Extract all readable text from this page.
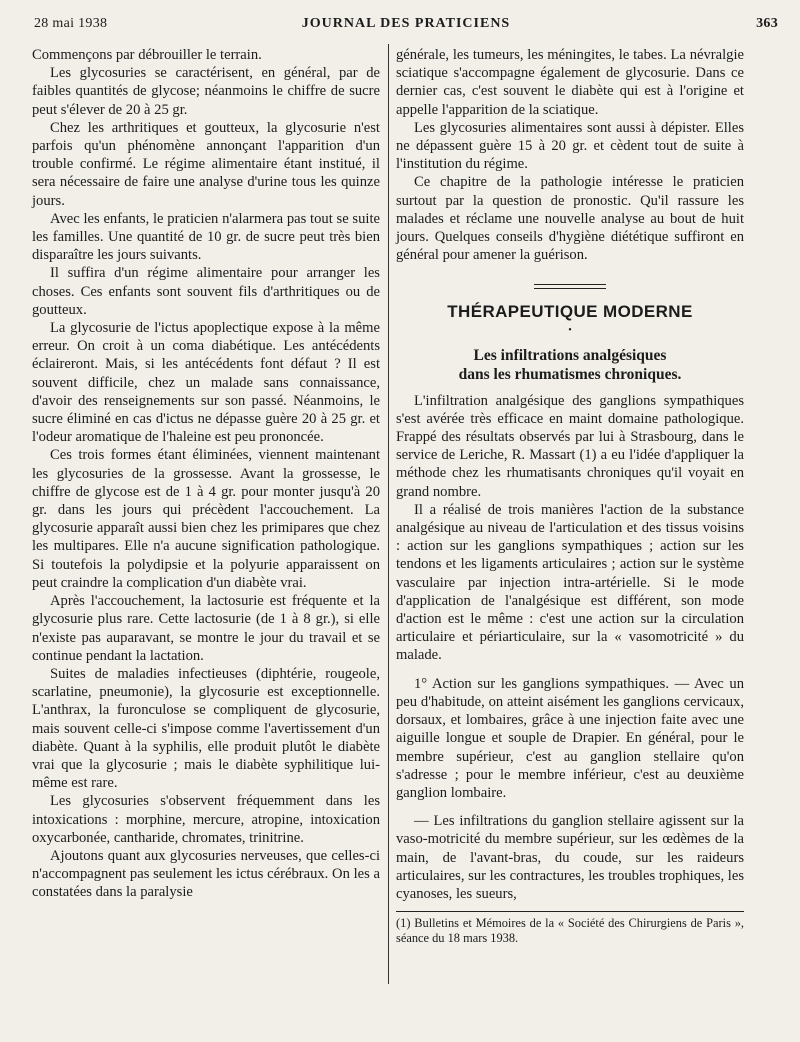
28 mai 1938	JOURNAL DES PRATICIENS	363

Commençons par débrouiller le terrain.

Les glycosuries se caractérisent, en général, par de faibles quantités de glycose; néanmoins le chiffre de sucre peut s'élever de 20 à 25 gr.

Chez les arthritiques et goutteux, la glycosurie n'est parfois qu'un phénomène annonçant l'apparition d'un trouble confirmé. Le régime alimentaire étant institué, il sera nécessaire de faire une analyse d'urine tous les quinze jours.

Avec les enfants, le praticien n'alarmera pas tout se suite les familles. Une quantité de 10 gr. de sucre peut très bien disparaître les jours suivants.

Il suffira d'un régime alimentaire pour arranger les choses. Ces enfants sont souvent fils d'arthritiques ou de goutteux.

La glycosurie de l'ictus apoplectique expose à la même erreur. On croit à un coma diabétique. Les antécédents éclaireront. Mais, si les antécédents font défaut ? Il est souvent difficile, chez un malade sans connaissance, d'avoir des renseignements sur son passé. Néanmoins, le sucre éliminé en cas d'ictus ne dépasse guère 20 à 25 gr. et l'odeur aromatique de l'haleine est peu prononcée.

Ces trois formes étant éliminées, viennent maintenant les glycosuries de la grossesse. Avant la grossesse, le chiffre de glycose est de 1 à 4 gr. pour monter jusqu'à 20 gr. dans les jours qui précèdent l'accouchement. La glycosurie apparaît aussi bien chez les primipares que chez les multipares. Elle n'a aucune signification pathologique. Si toutefois la polydipsie et la polyurie apparaissent on peut craindre la complication d'un diabète vrai.

Après l'accouchement, la lactosurie est fréquente et la glycosurie plus rare. Cette lactosurie (de 1 à 8 gr.), si elle n'existe pas auparavant, se montre le jour du travail et se continue pendant la lactation.

Suites de maladies infectieuses (diphtérie, rougeole, scarlatine, pneumonie), la glycosurie est exceptionnelle. L'anthrax, la furonculose se compliquent de glycosurie, mais souvent celle-ci s'impose comme l'avertissement d'un diabète. Quant à la syphilis, elle produit plutôt le diabète vrai que la glycosurie ; mais le diabète syphilitique lui-même est rare.

Les glycosuries s'observent fréquemment dans les intoxications : morphine, mercure, atropine, intoxication oxycarbonée, cantharide, chromates, trinitrine.

Ajoutons quant aux glycosuries nerveuses, que celles-ci n'accompagnent pas seulement les ictus cérébraux. On les a constatées dans la paralysie

générale, les tumeurs, les méningites, le tabes. La névralgie sciatique s'accompagne également de glycosurie. Dans ce dernier cas, c'est souvent le diabète qui est à l'origine et appelle l'apparition de la sciatique.

Les glycosuries alimentaires sont aussi à dépister. Elles ne dépassent guère 15 à 20 gr. et cèdent tout de suite à l'institution du régime.

Ce chapitre de la pathologie intéresse le praticien surtout par la question de pronostic. Qu'il rassure les malades et réclame une nouvelle analyse au bout de huit jours. Quelques conseils d'hygiène diététique suffiront en général pour amener la guérison.

THÉRAPEUTIQUE MODERNE
•
Les infiltrations analgésiques
dans les rhumatismes chroniques.

L'infiltration analgésique des ganglions sympathiques s'est avérée très efficace en maint domaine pathologique. Frappé des résultats observés par lui à Strasbourg, dans le service de Leriche, R. Massart (1) a eu l'idée d'appliquer la méthode chez les rhumatisants chroniques qu'il voyait en grand nombre.

Il a réalisé de trois manières l'action de la substance analgésique au niveau de l'articulation et des tissus voisins : action sur les ganglions sympathiques ; action sur les tendons et les ligaments articulaires ; action sur le système vasculaire par injection intra-artérielle. Si le mode d'application de l'analgésique est différent, son mode d'action est le même : c'est une action sur la circulation articulaire et périarticulaire, sur la « vasomotricité » du malade.

1° Action sur les ganglions sympathiques. — Avec un peu d'habitude, on atteint aisément les ganglions cervicaux, dorsaux, et lombaires, grâce à une injection faite avec une aiguille longue et souple de Drapier. En général, pour le membre supérieur, c'est au ganglion stellaire qu'on s'adresse ; pour le membre inférieur, c'est au deuxième ganglion lombaire.

— Les infiltrations du ganglion stellaire agissent sur la vaso-motricité du membre supérieur, sur les œdèmes de la main, de l'avant-bras, du coude, sur les raideurs articulaires, sur les contractures, les troubles trophiques, les cyanoses, les sueurs,

(1) Bulletins et Mémoires de la « Société des Chirurgiens de Paris », séance du 18 mars 1938.
